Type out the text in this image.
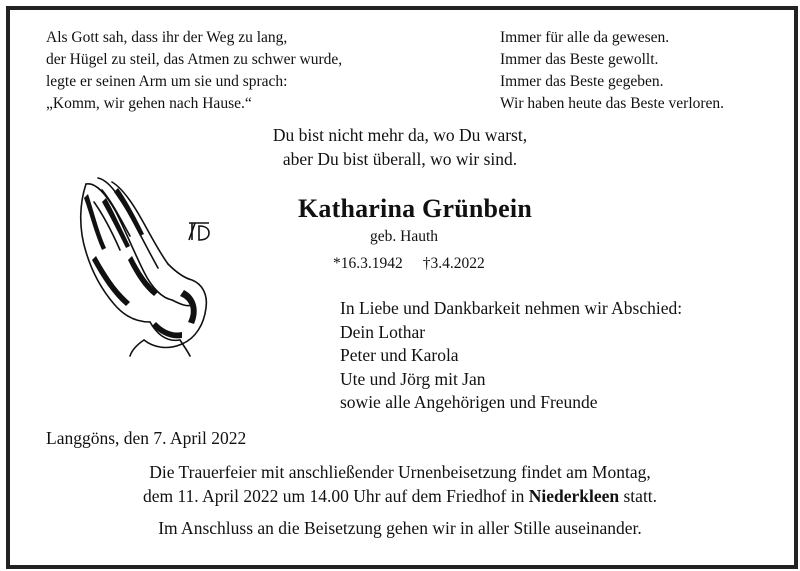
Als Gott sah, dass ihr der Weg zu lang,
der Hügel zu steil, das Atmen zu schwer wurde,
legte er seinen Arm um sie und sprach:
„Komm, wir gehen nach Hause.“
Immer für alle da gewesen.
Immer das Beste gewollt.
Immer das Beste gegeben.
Wir haben heute das Beste verloren.
Du bist nicht mehr da, wo Du warst,
aber Du bist überall, wo wir sind.
Katharina Grünbein
geb. Hauth
*16.3.1942 †3.4.2022
In Liebe und Dankbarkeit nehmen wir Abschied:
Dein Lothar
Peter und Karola
Ute und Jörg mit Jan
sowie alle Angehörigen und Freunde
Langgöns, den 7. April 2022
Die Trauerfeier mit anschließender Urnenbeisetzung findet am Montag,
dem 11. April 2022 um 14.00 Uhr auf dem Friedhof in Niederkleen statt.
Im Anschluss an die Beisetzung gehen wir in aller Stille auseinander.
